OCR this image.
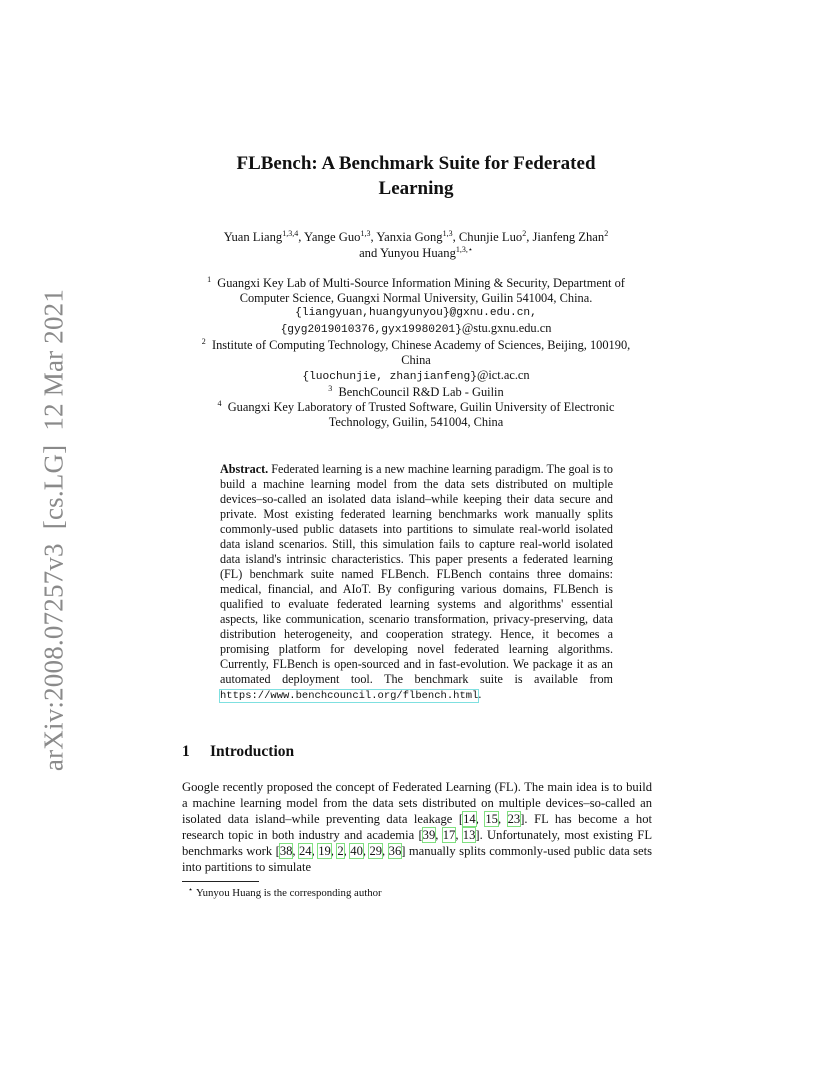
arXiv:2008.07257v3[cs.LG]12 Mar 2021
FLBench: A Benchmark Suite for Federated
Learning
Yuan Liang$^{1,3,4}$, Yange Guo$^{1,3}$, Yanxia Gong$^{1,3}$, Chunjie Luo$^2$, Jianfeng Zhan$^2$
and Yunyou Huang$^{1,3,⋆}$
$^1$ Guangxi Key Lab of Multi-Source Information Mining & Security, Department of
Computer Science, Guangxi Normal University, Guilin 541004, China.
{liangyuan,huangyunyou}@gxnu.edu.cn,
{gyg2019010376,gyx19980201}@stu.gxnu.edu.cn
$^2$ Institute of Computing Technology, Chinese Academy of Sciences, Beijing, 100190,
China
{luochunjie, zhanjianfeng}@ict.ac.cn
$^3$ BenchCouncil R&D Lab - Guilin
$^4$ Guangxi Key Laboratory of Trusted Software, Guilin University of Electronic
Technology, Guilin, 541004, China
Abstract. Federated learning is a new machine learning paradigm. The goal is to build a machine learning model from the data sets distributed on multiple devices–so-called an isolated data island–while keeping their data secure and private. Most existing federated learning benchmarks work manually splits commonly-used public datasets into partitions to simulate real-world isolated data island scenarios. Still, this simulation fails to capture real-world isolated data island's intrinsic characteristics. This paper presents a federated learning (FL) benchmark suite named FLBench. FLBench contains three domains: medical, financial, and AIoT. By configuring various domains, FLBench is qualified to evaluate federated learning systems and algorithms' essential aspects, like communication, scenario transformation, privacy-preserving, data distribution heterogeneity, and cooperation strategy. Hence, it becomes a promising platform for developing novel federated learning algorithms. Currently, FLBench is open-sourced and in fast-evolution. We package it as an automated deployment tool. The benchmark suite is available from https://www.benchcouncil.org/flbench.html.
1 Introduction
Google recently proposed the concept of Federated Learning (FL). The main idea is to build a machine learning model from the data sets distributed on multiple devices–so-called an isolated data island–while preventing data leakage [14, 15, 23]. FL has become a hot research topic in both industry and academia [39, 17, 13]. Unfortunately, most existing FL benchmarks work [38, 24, 19, 2, 40, 29, 36] manually splits commonly-used public data sets into partitions to simulate
⋆ Yunyou Huang is the corresponding author
